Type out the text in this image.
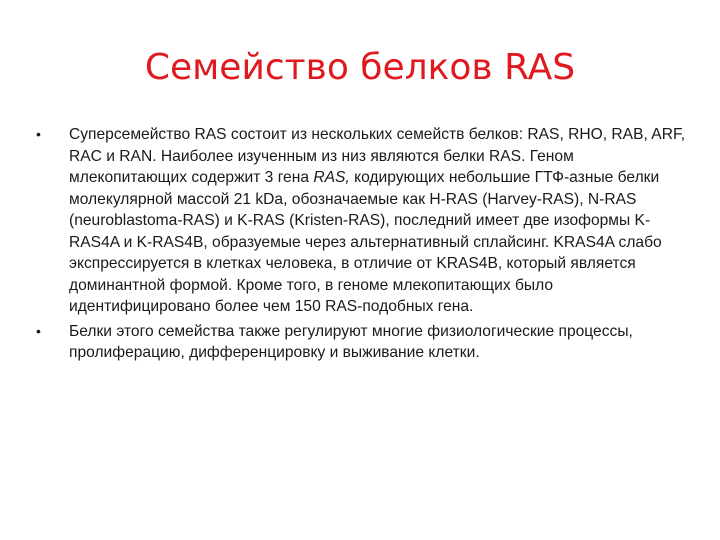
Семейство белков RAS
•	Суперсемейство RAS состоит из нескольких семейств белков: RAS, RHO, RAB, ARF, RAC и RAN. Наиболее изученным из низ являются белки RAS. Геном млекопитающих содержит 3 гена RAS, кодирующих небольшие ГТФ-азные белки молекулярной массой 21 kDa, обозначаемые как H-RAS (Harvey-RAS), N-RAS (neuroblastoma-RAS) и K-RAS (Kristen-RAS), последний имеет две изоформы K-RAS4A и K-RAS4B, образуемые через альтернативный сплайсинг. KRAS4A слабо экспрессируется в клетках человека, в отличие от KRAS4B, который является доминантной формой. Кроме того, в геноме млекопитающих было идентифицировано более чем 150 RAS-подобных гена.
•	Белки этого семейства также регулируют многие физиологические процессы, пролиферацию, дифференцировку и выживание клетки.
